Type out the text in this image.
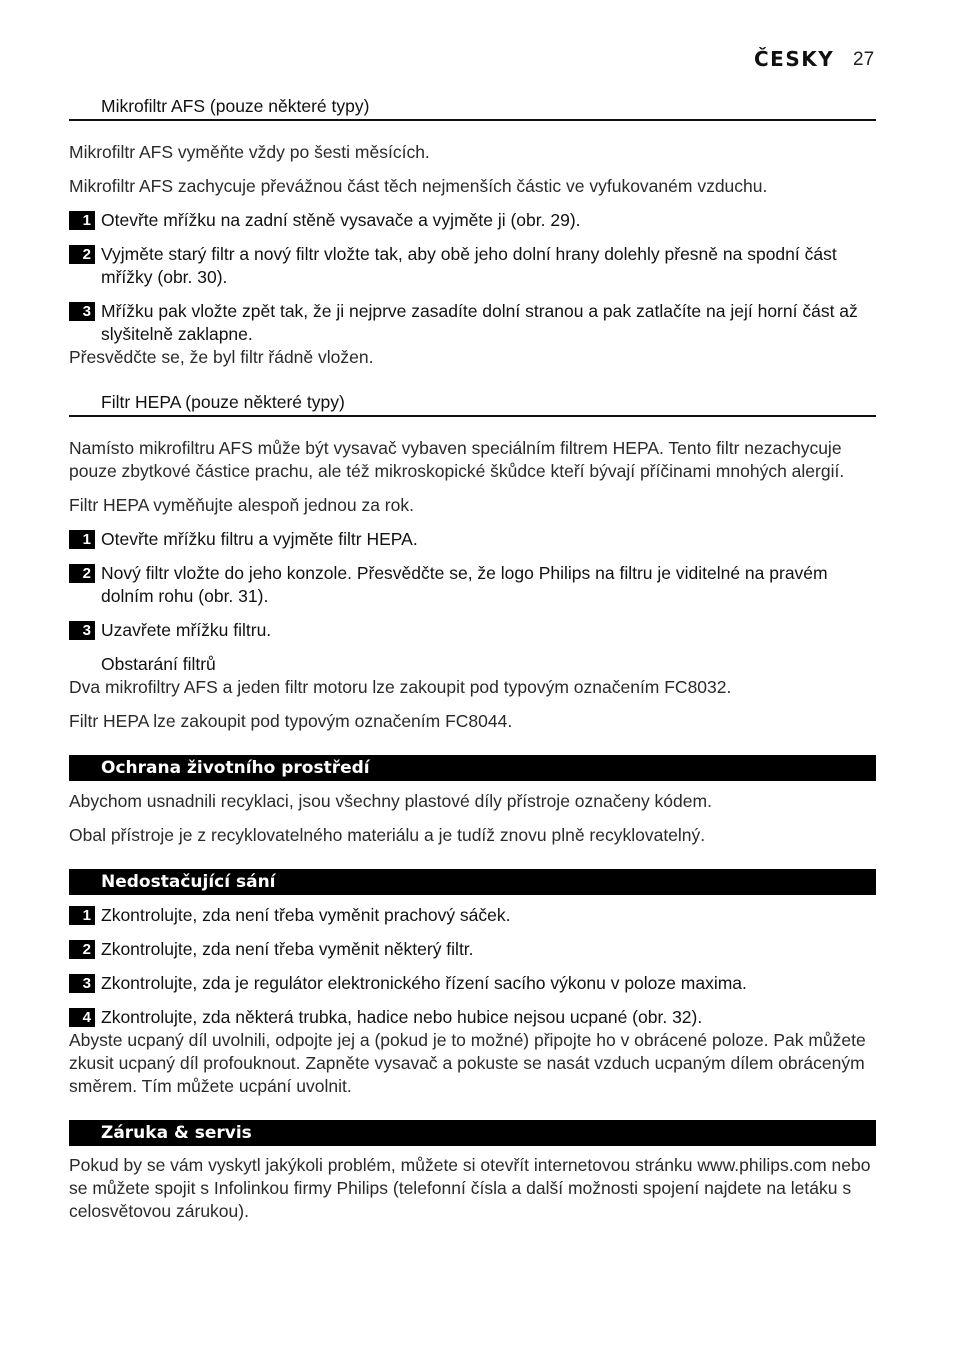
ČESKY 27
Mikrofiltr AFS (pouze některé typy)

Mikrofiltr AFS vyměňte vždy po šesti měsících.

Mikrofiltr AFS zachycuje převážnou část těch nejmenších částic ve vyfukovaném vzduchu.

1 Otevřte mřížku na zadní stěně vysavače a vyjměte ji (obr. 29).
2 Vyjměte starý filtr a nový filtr vložte tak, aby obě jeho dolní hrany dolehly přesně na spodní část mřížky (obr. 30).
3 Mřížku pak vložte zpět tak, že ji nejprve zasadíte dolní stranou a pak zatlačíte na její horní část až slyšitelně zaklapne.

Přesvědčte se, že byl filtr řádně vložen.

Filtr HEPA (pouze některé typy)

Namísto mikrofiltru AFS může být vysavač vybaven speciálním filtrem HEPA. Tento filtr nezachycuje pouze zbytkové částice prachu, ale též mikroskopické škůdce kteří bývají příčinami mnohých alergií.

Filtr HEPA vyměňujte alespoň jednou za rok.

1 Otevřte mřížku filtru a vyjměte filtr HEPA.
2 Nový filtr vložte do jeho konzole. Přesvědčte se, že logo Philips na filtru je viditelné na pravém dolním rohu (obr. 31).
3 Uzavřete mřížku filtru.
Obstarání filtrů

Dva mikrofiltry AFS a jeden filtr motoru lze zakoupit pod typovým označením FC8032.

Filtr HEPA lze zakoupit pod typovým označením FC8044.

Ochrana životního prostředí

Abychom usnadnili recyklaci, jsou všechny plastové díly přístroje označeny kódem.

Obal přístroje je z recyklovatelného materiálu a je tudíž znovu plně recyklovatelný.

Nedostačující sání
1 Zkontrolujte, zda není třeba vyměnit prachový sáček.
2 Zkontrolujte, zda není třeba vyměnit některý filtr.
3 Zkontrolujte, zda je regulátor elektronického řízení sacího výkonu v poloze maxima.
4 Zkontrolujte, zda některá trubka, hadice nebo hubice nejsou ucpané (obr. 32).

Abyste ucpaný díl uvolnili, odpojte jej a (pokud je to možné) připojte ho v obrácené poloze. Pak můžete zkusit ucpaný díl profouknout. Zapněte vysavač a pokuste se nasát vzduch ucpaným dílem obráceným směrem. Tím můžete ucpání uvolnit.

Záruka & servis

Pokud by se vám vyskytl jakýkoli problém, můžete si otevřít internetovou stránku www.philips.com nebo se můžete spojit s Infolinkou firmy Philips (telefonní čísla a další možnosti spojení najdete na letáku s celosvětovou zárukou).
